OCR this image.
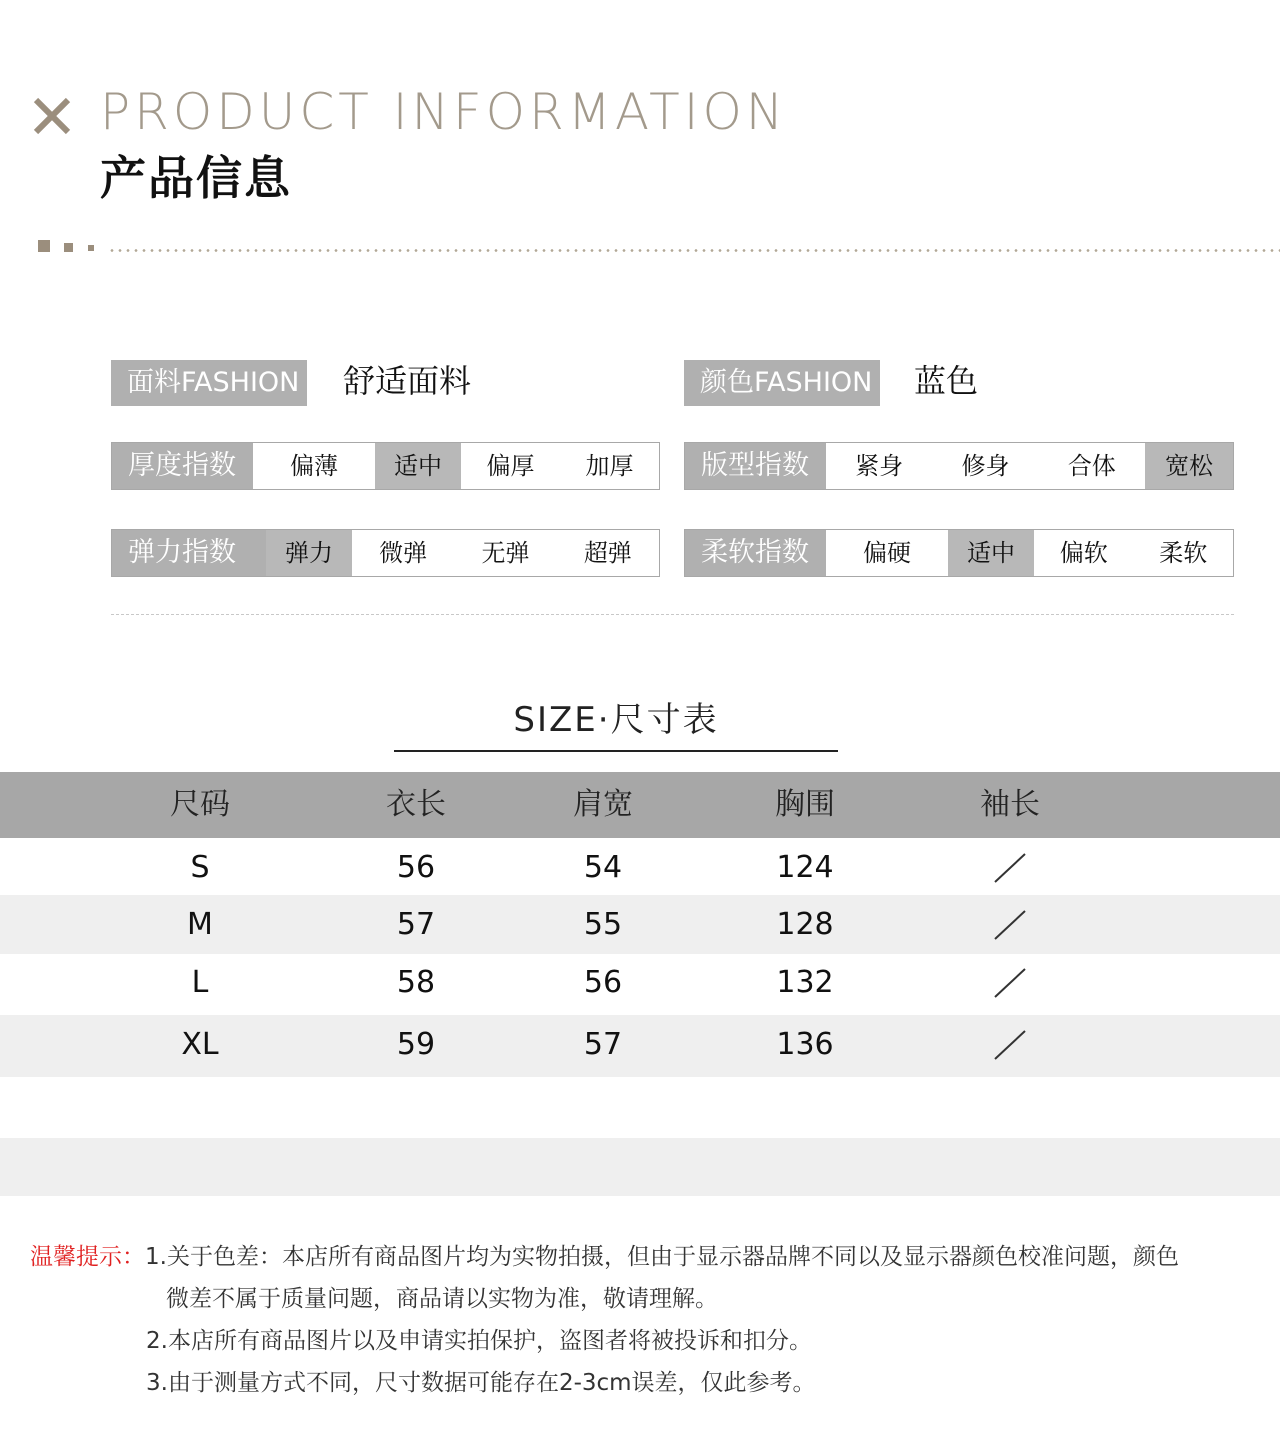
PRODUCT INFORMATION
产品信息
面料FASHION 舒适面料	颜色FASHION 蓝色
厚度指数	偏薄	适中	偏厚	加厚	版型指数	紧身	修身	合体	宽松
弹力指数	弹力	微弹	无弹	超弹	柔软指数	偏硬	适中	偏软	柔软
SIZE·尺寸表
尺码	衣长	肩宽	胸围	袖长
S	56	54	124
M	57	55	128
L	58	56	132
XL	59	57	136
温馨提示：1.关于色差：本店所有商品图片均为实物拍摄，但由于显示器品牌不同以及显示器颜色校准问题，颜色
微差不属于质量问题，商品请以实物为准，敬请理解。
2.本店所有商品图片以及申请实拍保护，盗图者将被投诉和扣分。
3.由于测量方式不同，尺寸数据可能存在2-3cm误差，仅此参考。
